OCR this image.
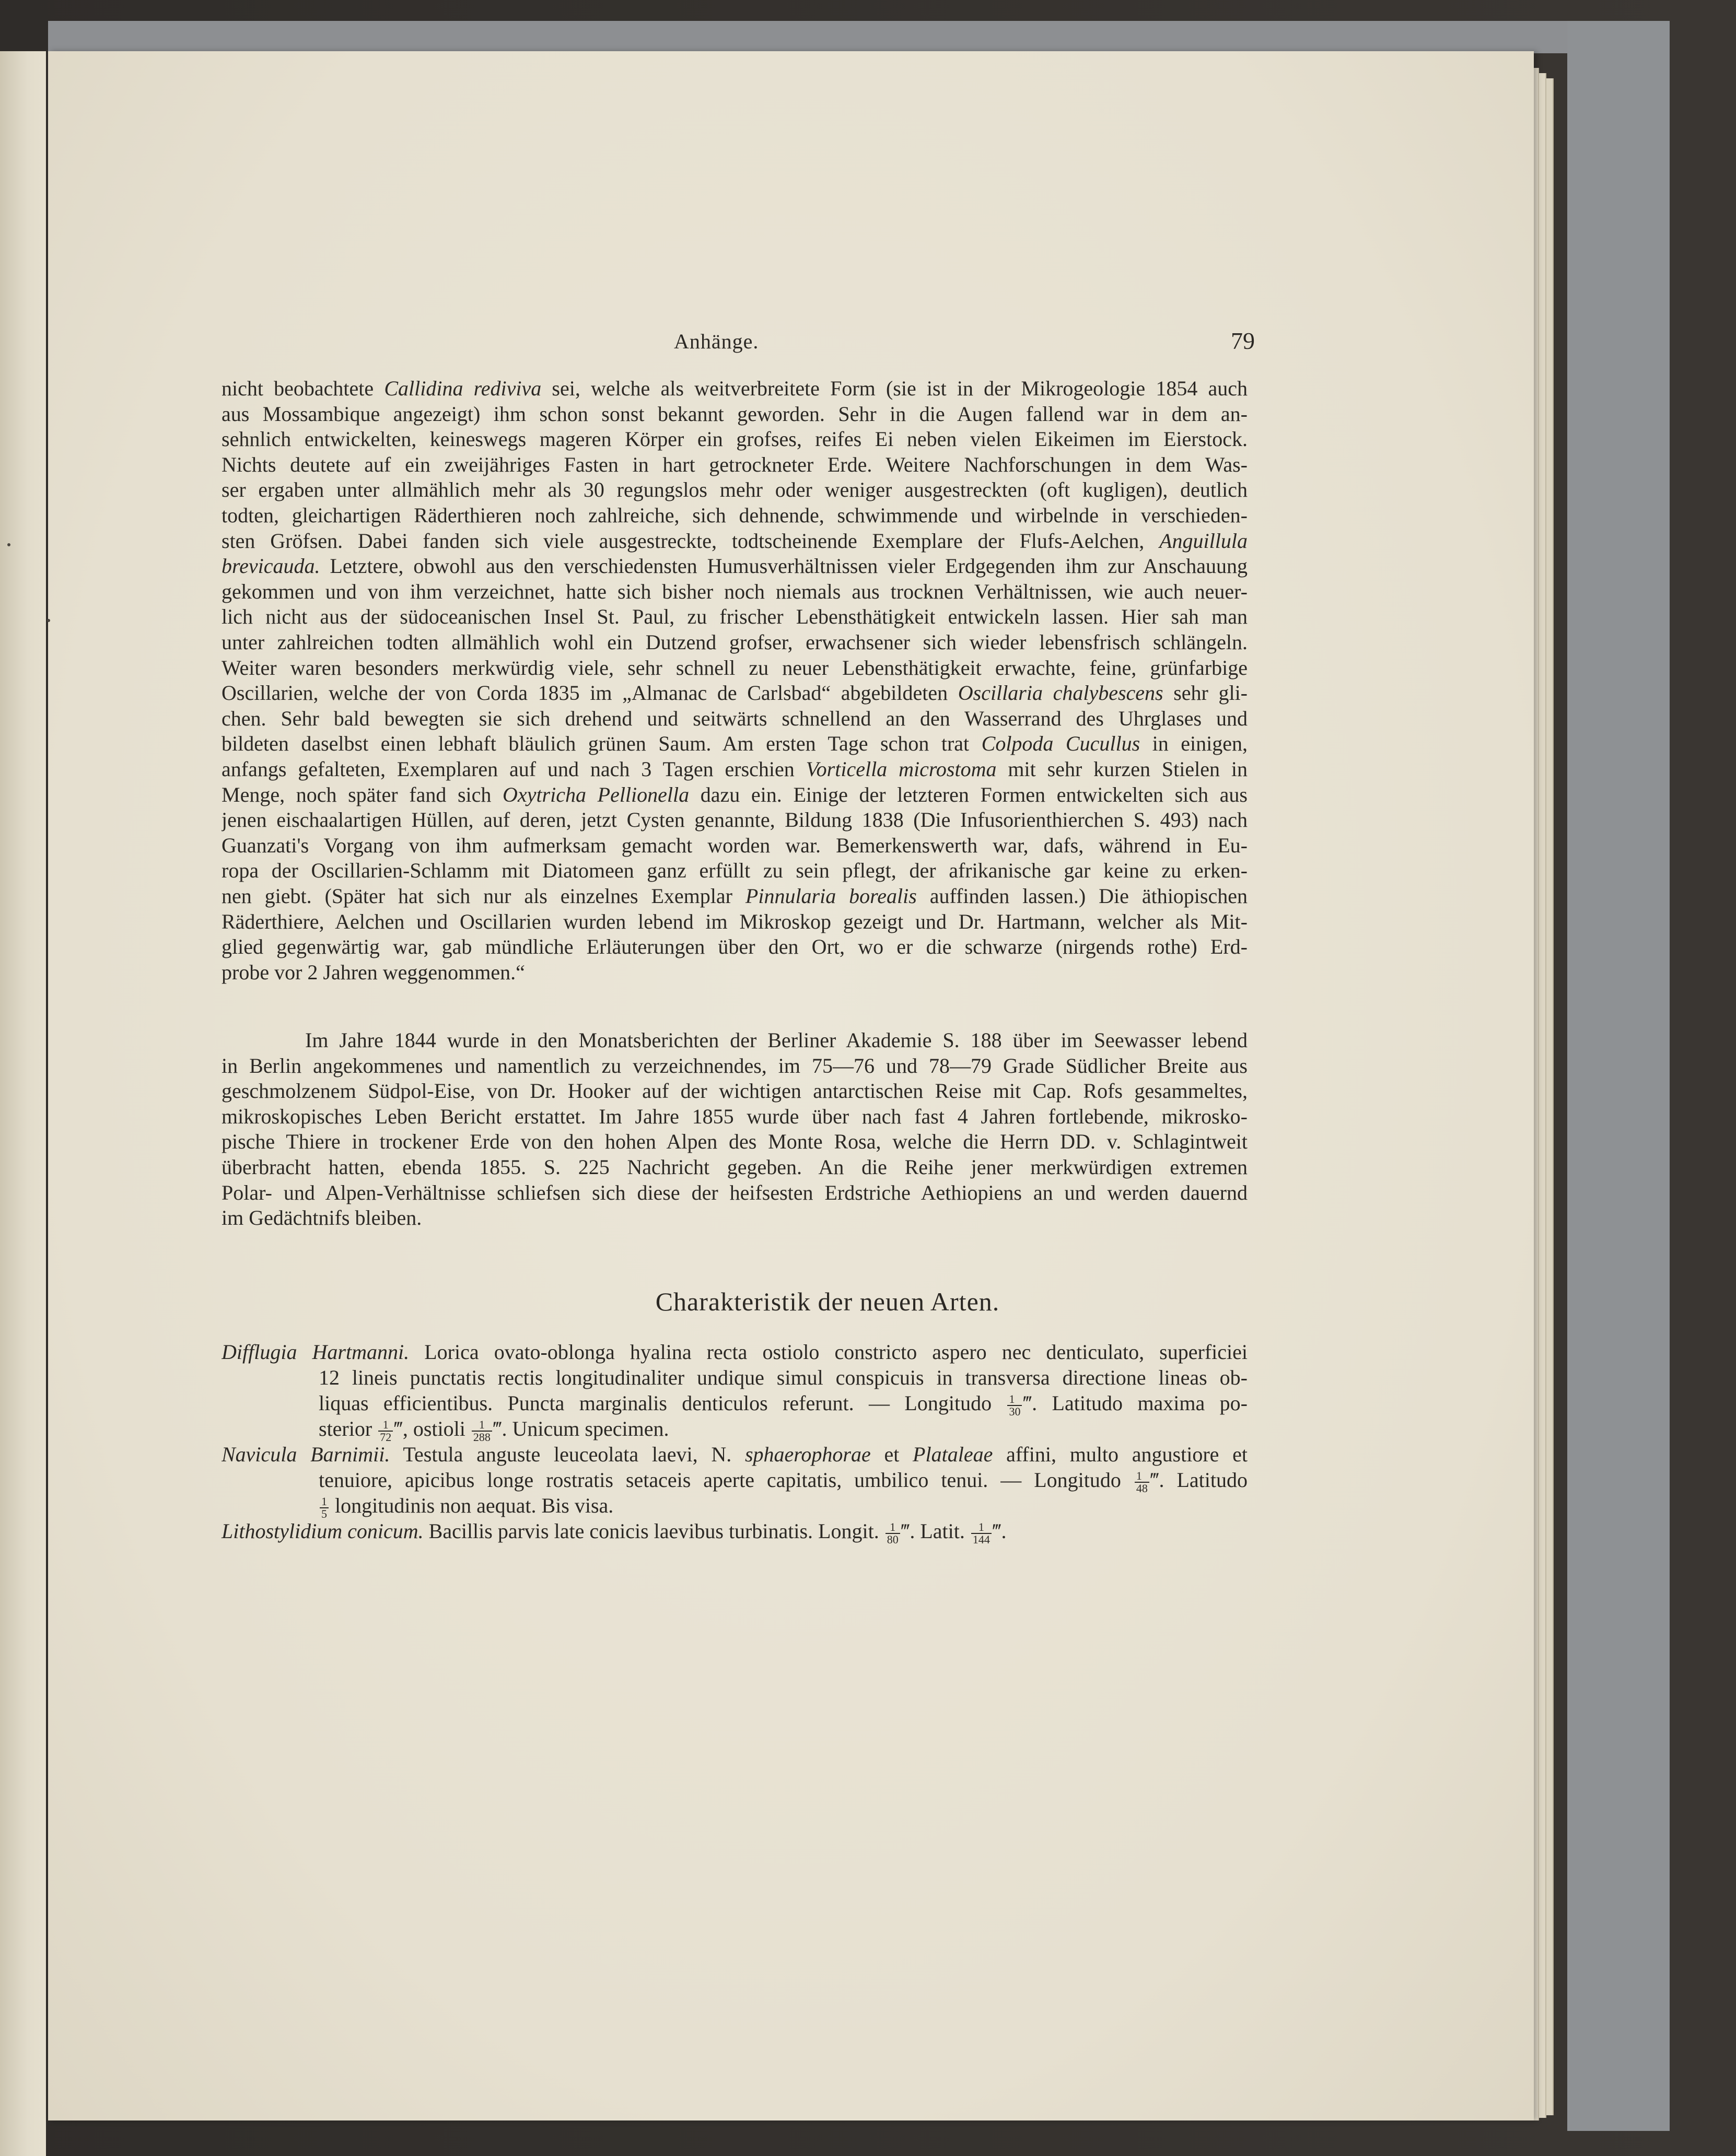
Anhänge.	79
nicht beobachtete Callidina rediviva sei, welche als weitverbreitete Form (sie ist in der Mikrogeologie 1854 auch
aus Mossambique angezeigt) ihm schon sonst bekannt geworden. Sehr in die Augen fallend war in dem an-
sehnlich entwickelten, keineswegs mageren Körper ein grofses, reifes Ei neben vielen Eikeimen im Eierstock.
Nichts deutete auf ein zweijähriges Fasten in hart getrockneter Erde. Weitere Nachforschungen in dem Was-
ser ergaben unter allmählich mehr als 30 regungslos mehr oder weniger ausgestreckten (oft kugligen), deutlich
todten, gleichartigen Räderthieren noch zahlreiche, sich dehnende, schwimmende und wirbelnde in verschieden-
sten Gröfsen. Dabei fanden sich viele ausgestreckte, todtscheinende Exemplare der Flufs-Aelchen, Anguillula
brevicauda. Letztere, obwohl aus den verschiedensten Humusverhältnissen vieler Erdgegenden ihm zur Anschauung
gekommen und von ihm verzeichnet, hatte sich bisher noch niemals aus trocknen Verhältnissen, wie auch neuer-
lich nicht aus der südoceanischen Insel St. Paul, zu frischer Lebensthätigkeit entwickeln lassen. Hier sah man
unter zahlreichen todten allmählich wohl ein Dutzend grofser, erwachsener sich wieder lebensfrisch schlängeln.
Weiter waren besonders merkwürdig viele, sehr schnell zu neuer Lebensthätigkeit erwachte, feine, grünfarbige
Oscillarien, welche der von Corda 1835 im „Almanac de Carlsbad“ abgebildeten Oscillaria chalybescens sehr gli-
chen. Sehr bald bewegten sie sich drehend und seitwärts schnellend an den Wasserrand des Uhrglases und
bildeten daselbst einen lebhaft bläulich grünen Saum. Am ersten Tage schon trat Colpoda Cucullus in einigen,
anfangs gefalteten, Exemplaren auf und nach 3 Tagen erschien Vorticella microstoma mit sehr kurzen Stielen in
Menge, noch später fand sich Oxytricha Pellionella dazu ein. Einige der letzteren Formen entwickelten sich aus
jenen eischaalartigen Hüllen, auf deren, jetzt Cysten genannte, Bildung 1838 (Die Infusorienthierchen S. 493) nach
Guanzati's Vorgang von ihm aufmerksam gemacht worden war. Bemerkenswerth war, dafs, während in Eu-
ropa der Oscillarien-Schlamm mit Diatomeen ganz erfüllt zu sein pflegt, der afrikanische gar keine zu erken-
nen giebt. (Später hat sich nur als einzelnes Exemplar Pinnularia borealis auffinden lassen.) Die äthiopischen
Räderthiere, Aelchen und Oscillarien wurden lebend im Mikroskop gezeigt und Dr. Hartmann, welcher als Mit-
glied gegenwärtig war, gab mündliche Erläuterungen über den Ort, wo er die schwarze (nirgends rothe) Erd-
probe vor 2 Jahren weggenommen.“
Im Jahre 1844 wurde in den Monatsberichten der Berliner Akademie S. 188 über im Seewasser lebend
in Berlin angekommenes und namentlich zu verzeichnendes, im 75—76 und 78—79 Grade Südlicher Breite aus
geschmolzenem Südpol-Eise, von Dr. Hooker auf der wichtigen antarctischen Reise mit Cap. Rofs gesammeltes,
mikroskopisches Leben Bericht erstattet. Im Jahre 1855 wurde über nach fast 4 Jahren fortlebende, mikrosko-
pische Thiere in trockener Erde von den hohen Alpen des Monte Rosa, welche die Herrn DD. v. Schlagintweit
überbracht hatten, ebenda 1855. S. 225 Nachricht gegeben. An die Reihe jener merkwürdigen extremen
Polar- und Alpen-Verhältnisse schliefsen sich diese der heifsesten Erdstriche Aethiopiens an und werden dauernd
im Gedächtnifs bleiben.
Charakteristik der neuen Arten.
Difflugia Hartmanni. Lorica ovato-oblonga hyalina recta ostiolo constricto aspero nec denticulato, superficiei
12 lineis punctatis rectis longitudinaliter undique simul conspicuis in transversa directione lineas ob-
liquas efficientibus. Puncta marginalis denticulos referunt. — Longitudo $\frac{1}{30}$ ‴. Latitudo maxima po-
sterior $\frac{1}{72}$ ‴, ostioli $\frac{1}{288}$ ‴. Unicum specimen.
Navicula Barnimii. Testula anguste leuceolata laevi, N. sphaerophorae et Plataleae affini, multo angustiore et
tenuiore, apicibus longe rostratis setaceis aperte capitatis, umbilico tenui. — Longitudo $\frac{1}{48}$ ‴. Latitudo
$\frac{1}{5}$ longitudinis non aequat. Bis visa.
Lithostylidium conicum. Bacillis parvis late conicis laevibus turbinatis. Longit. $\frac{1}{80}$ ‴. Latit. $\frac{1}{144}$ ‴.
